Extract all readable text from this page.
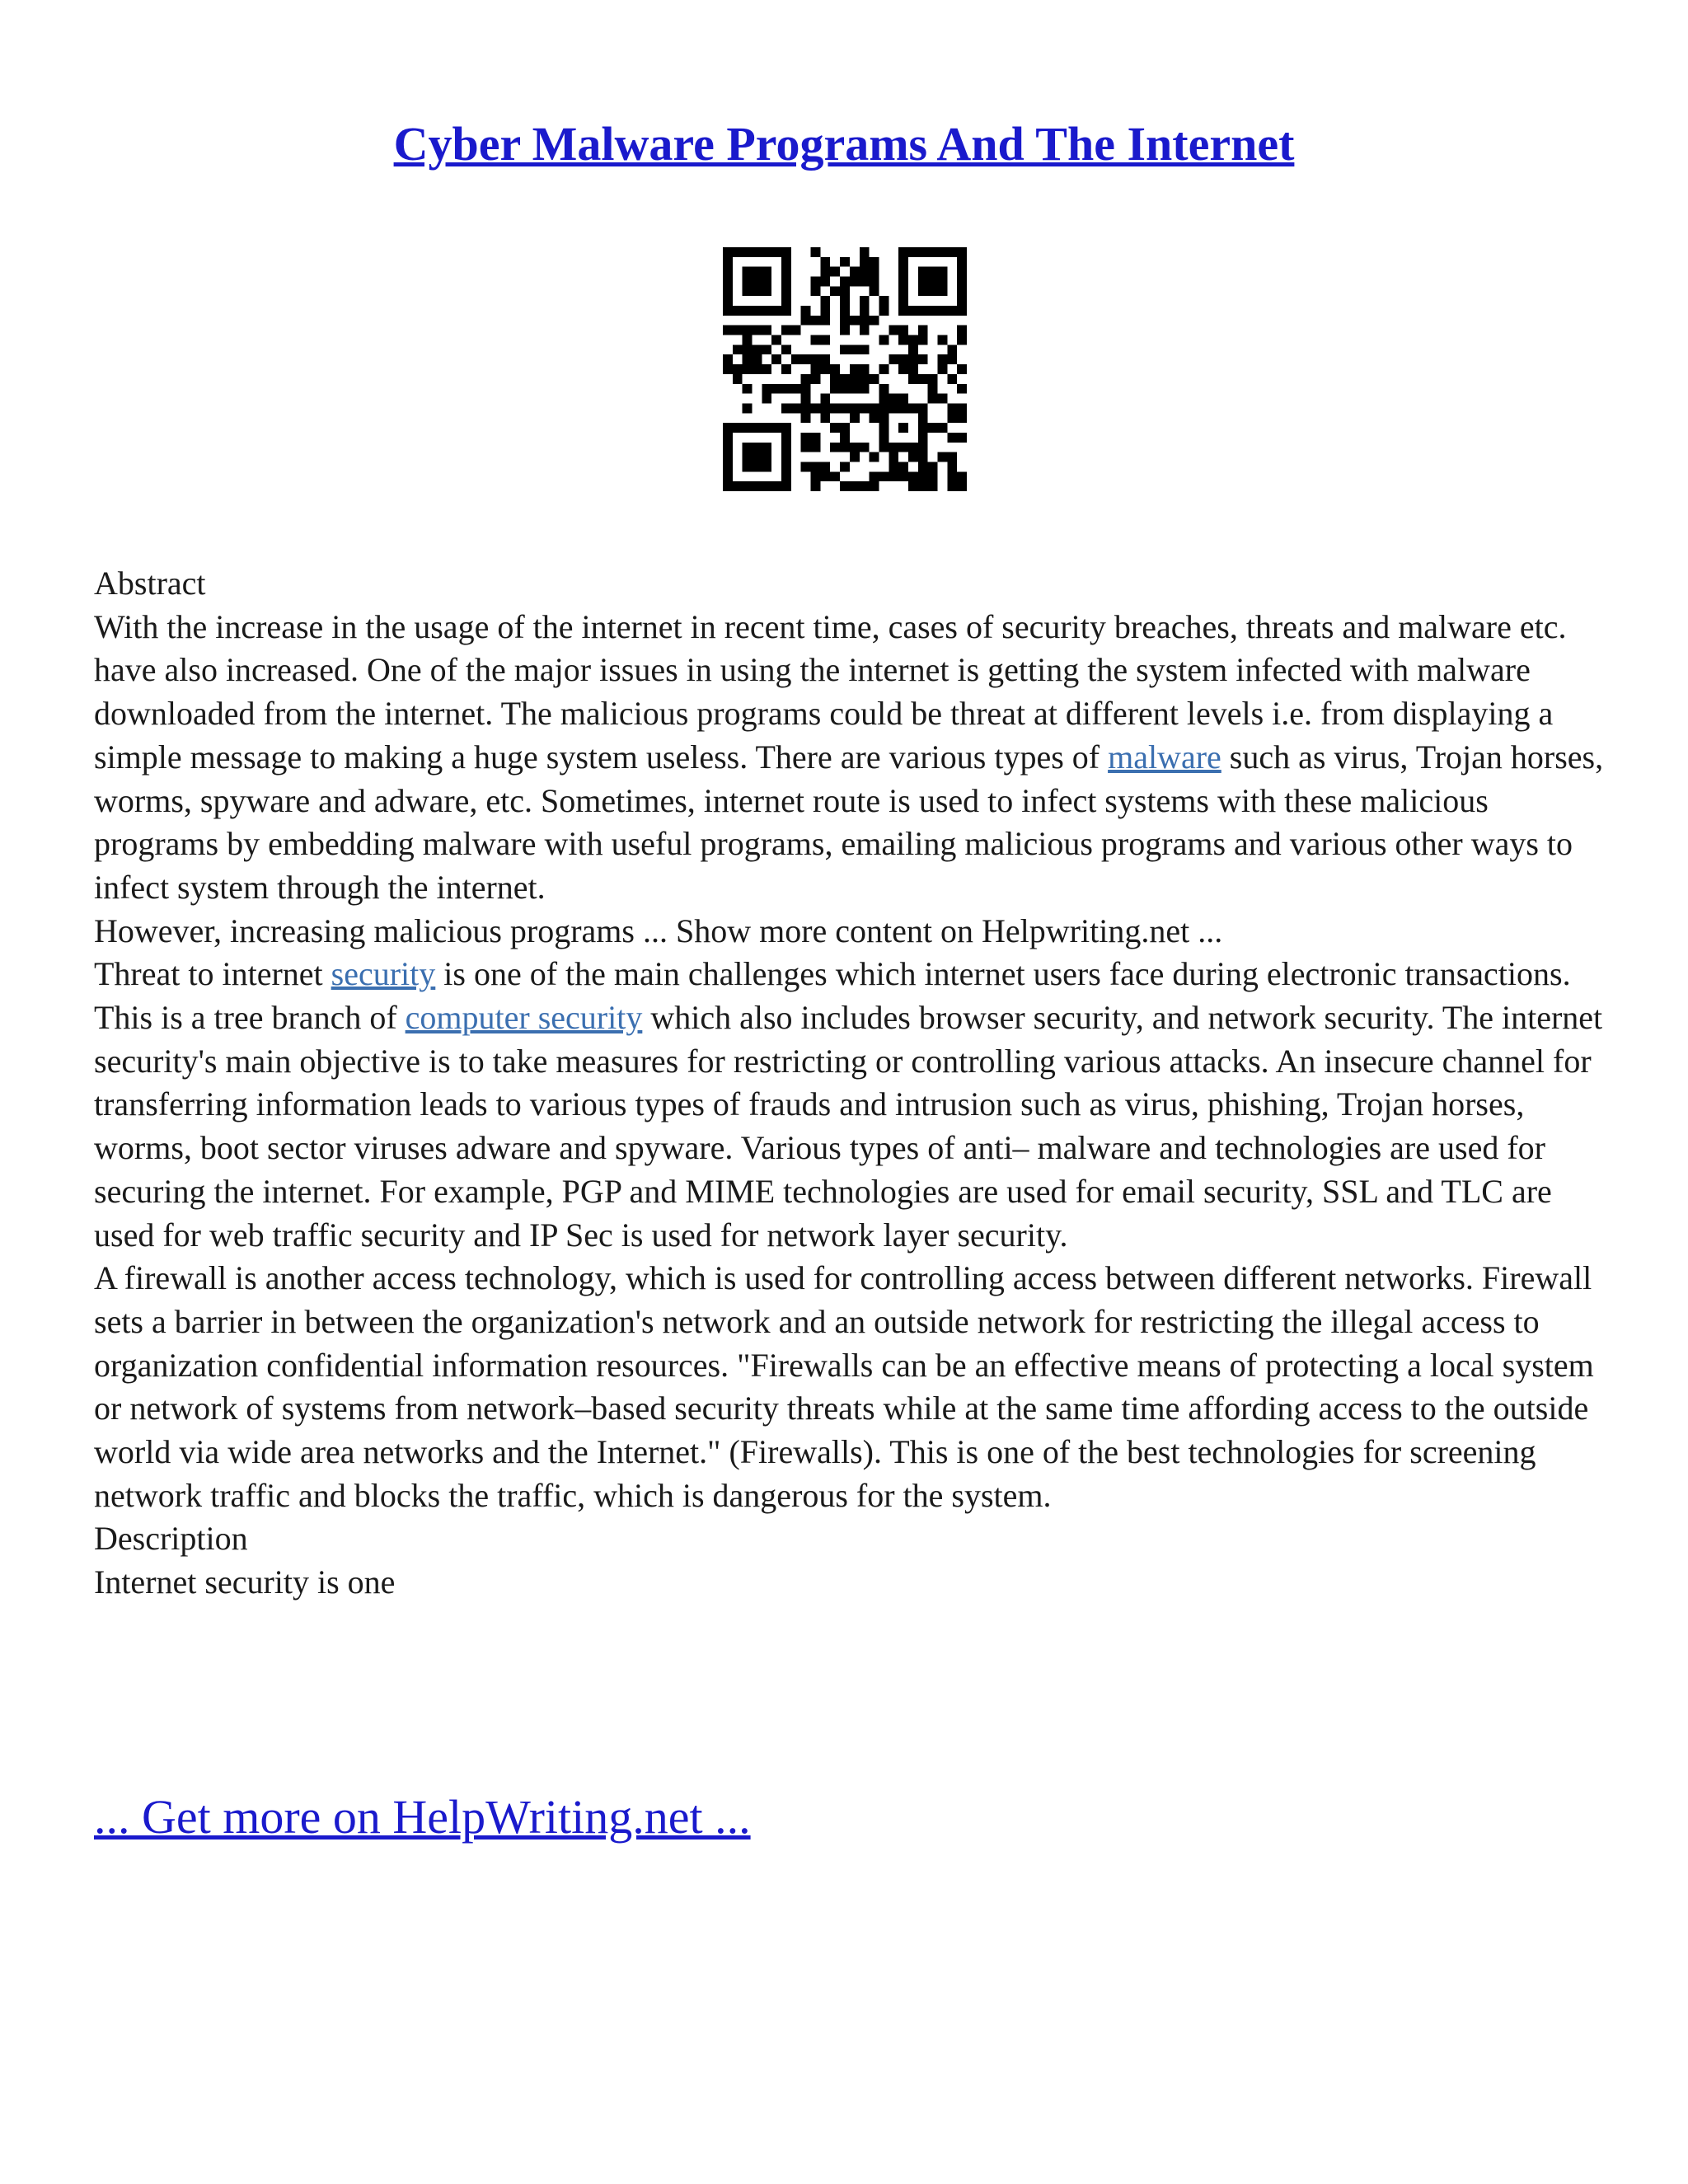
Cyber Malware Programs And The Internet

Abstract

With the increase in the usage of the internet in recent time, cases of security breaches, threats and malware etc. have also increased. One of the major issues in using the internet is getting the system infected with malware downloaded from the internet. The malicious programs could be threat at different levels i.e. from displaying a simple message to making a huge system useless. There are various types of malware such as virus, Trojan horses, worms, spyware and adware, etc. Sometimes, internet route is used to infect systems with these malicious programs by embedding malware with useful programs, emailing malicious programs and various other ways to infect system through the internet.

However, increasing malicious programs ... Show more content on Helpwriting.net ...

Threat to internet security is one of the main challenges which internet users face during electronic transactions. This is a tree branch of computer security which also includes browser security, and network security. The internet security's main objective is to take measures for restricting or controlling various attacks. An insecure channel for transferring information leads to various types of frauds and intrusion such as virus, phishing, Trojan horses, worms, boot sector viruses adware and spyware. Various types of anti– malware and technologies are used for securing the internet. For example, PGP and MIME technologies are used for email security, SSL and TLC are used for web traffic security and IP Sec is used for network layer security.

A firewall is another access technology, which is used for controlling access between different networks. Firewall sets a barrier in between the organization's network and an outside network for restricting the illegal access to organization confidential information resources. "Firewalls can be an effective means of protecting a local system or network of systems from network–based security threats while at the same time affording access to the outside world via wide area networks and the Internet." (Firewalls). This is one of the best technologies for screening network traffic and blocks the traffic, which is dangerous for the system.

Description

Internet security is one

... Get more on HelpWriting.net ...
